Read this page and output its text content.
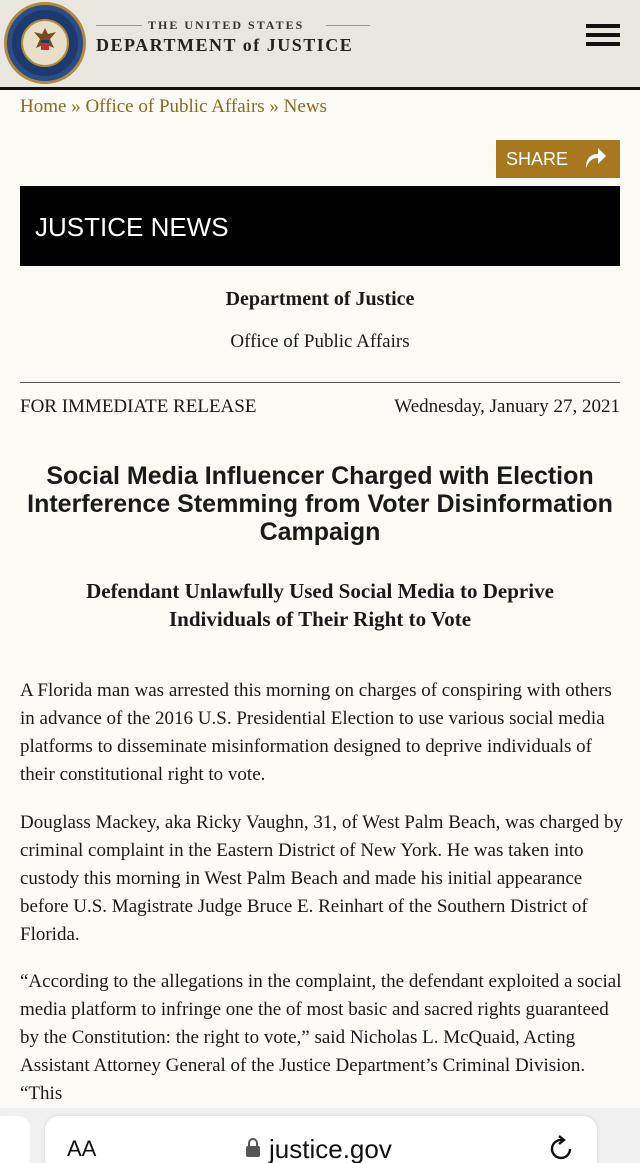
THE UNITED STATES
DEPARTMENT of JUSTICE
Home » Office of Public Affairs » News
SHARE
JUSTICE NEWS
Department of Justice
Office of Public Affairs
FOR IMMEDIATE RELEASE	Wednesday, January 27, 2021
Social Media Influencer Charged with Election Interference Stemming from Voter Disinformation Campaign
Defendant Unlawfully Used Social Media to Deprive Individuals of Their Right to Vote
A Florida man was arrested this morning on charges of conspiring with others in advance of the 2016 U.S. Presidential Election to use various social media platforms to disseminate misinformation designed to deprive individuals of their constitutional right to vote.
Douglass Mackey, aka Ricky Vaughn, 31, of West Palm Beach, was charged by criminal complaint in the Eastern District of New York. He was taken into custody this morning in West Palm Beach and made his initial appearance before U.S. Magistrate Judge Bruce E. Reinhart of the Southern District of Florida.
“According to the allegations in the complaint, the defendant exploited a social media platform to infringe one the of most basic and sacred rights guaranteed by the Constitution: the right to vote,” said Nicholas L. McQuaid, Acting Assistant Attorney General of the Justice Department’s Criminal Division. “This
AA	justice.gov
